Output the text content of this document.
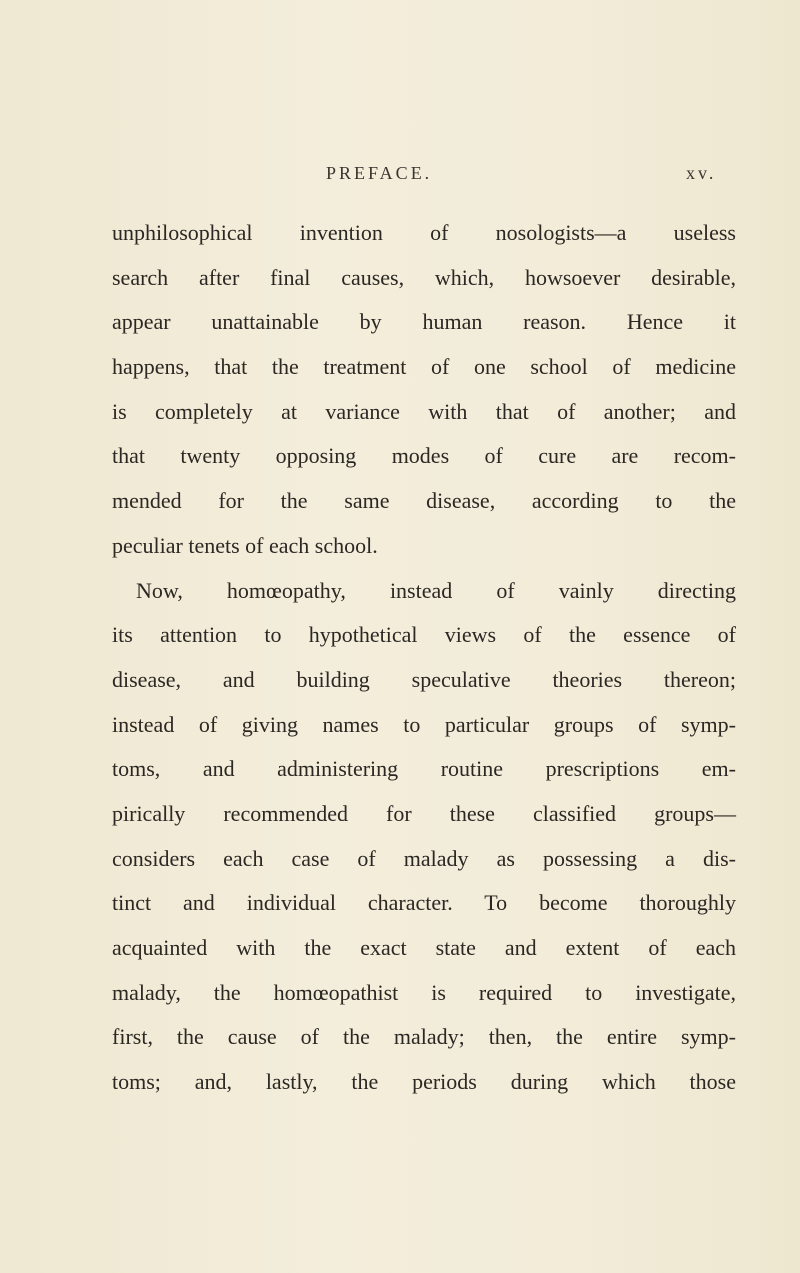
PREFACE.	xv.
unphilosophical invention of nosologists—a useless
search after final causes, which, howsoever desirable,
appear unattainable by human reason. Hence it
happens, that the treatment of one school of medicine
is completely at variance with that of another; and
that twenty opposing modes of cure are recom-
mended for the same disease, according to the
peculiar tenets of each school.
Now, homœopathy, instead of vainly directing
its attention to hypothetical views of the essence of
disease, and building speculative theories thereon;
instead of giving names to particular groups of symp-
toms, and administering routine prescriptions em-
pirically recommended for these classified groups—
considers each case of malady as possessing a dis-
tinct and individual character. To become thoroughly
acquainted with the exact state and extent of each
malady, the homœopathist is required to investigate,
first, the cause of the malady; then, the entire symp-
toms; and, lastly, the periods during which those
